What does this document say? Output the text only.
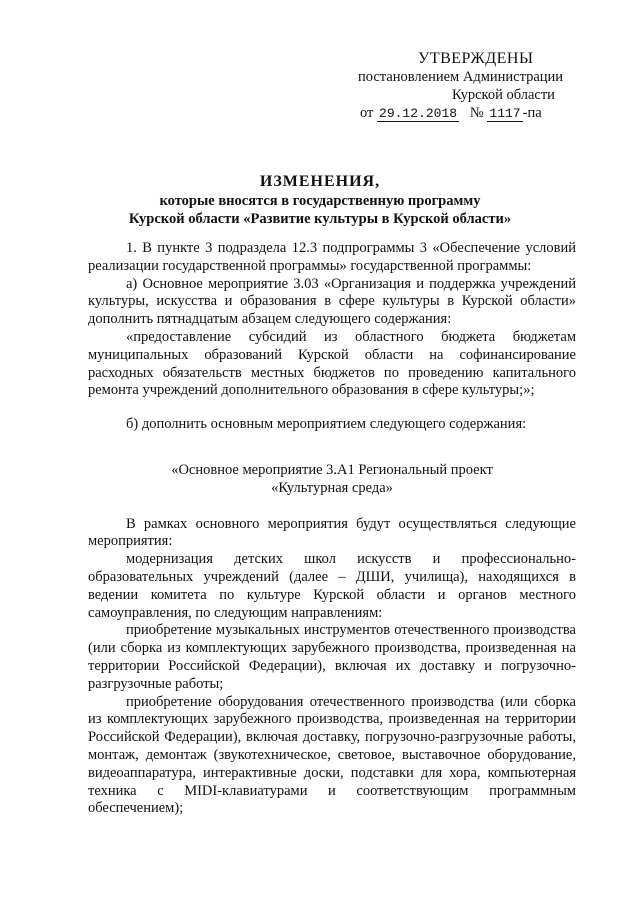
УТВЕРЖДЕНЫ
постановлением Администрации
Курской области
от 29.12.2018 № 1117 -па
ИЗМЕНЕНИЯ,
которые вносятся в государственную программу
Курской области «Развитие культуры в Курской области»

1. В пункте 3 подраздела 12.3 подпрограммы 3 «Обеспечение условий реализации государственной программы» государственной программы:

а) Основное мероприятие 3.03 «Организация и поддержка учреждений культуры, искусства и образования в сфере культуры в Курской области» дополнить пятнадцатым абзацем следующего содержания:

«предоставление субсидий из областного бюджета бюджетам муниципальных образований Курской области на софинансирование расходных обязательств местных бюджетов по проведению капитального ремонта учреждений дополнительного образования в сфере культуры;»;

б) дополнить основным мероприятием следующего содержания:

«Основное мероприятие 3.А1 Региональный проект

«Культурная среда»

В рамках основного мероприятия будут осуществляться следующие мероприятия:

модернизация детских школ искусств и профессионально-образовательных учреждений (далее – ДШИ, училища), находящихся в ведении комитета по культуре Курской области и органов местного самоуправления, по следующим направлениям:

приобретение музыкальных инструментов отечественного производства (или сборка из комплектующих зарубежного производства, произведенная на территории Российской Федерации), включая их доставку и погрузочно-разгрузочные работы;

приобретение оборудования отечественного производства (или сборка из комплектующих зарубежного производства, произведенная на территории Российской Федерации), включая доставку, погрузочно-разгрузочные работы, монтаж, демонтаж (звукотехническое, световое, выставочное оборудование, видеоаппаратура, интерактивные доски, подставки для хора, компьютерная техника с MIDI-клавиатурами и соответствующим программным обеспечением);
